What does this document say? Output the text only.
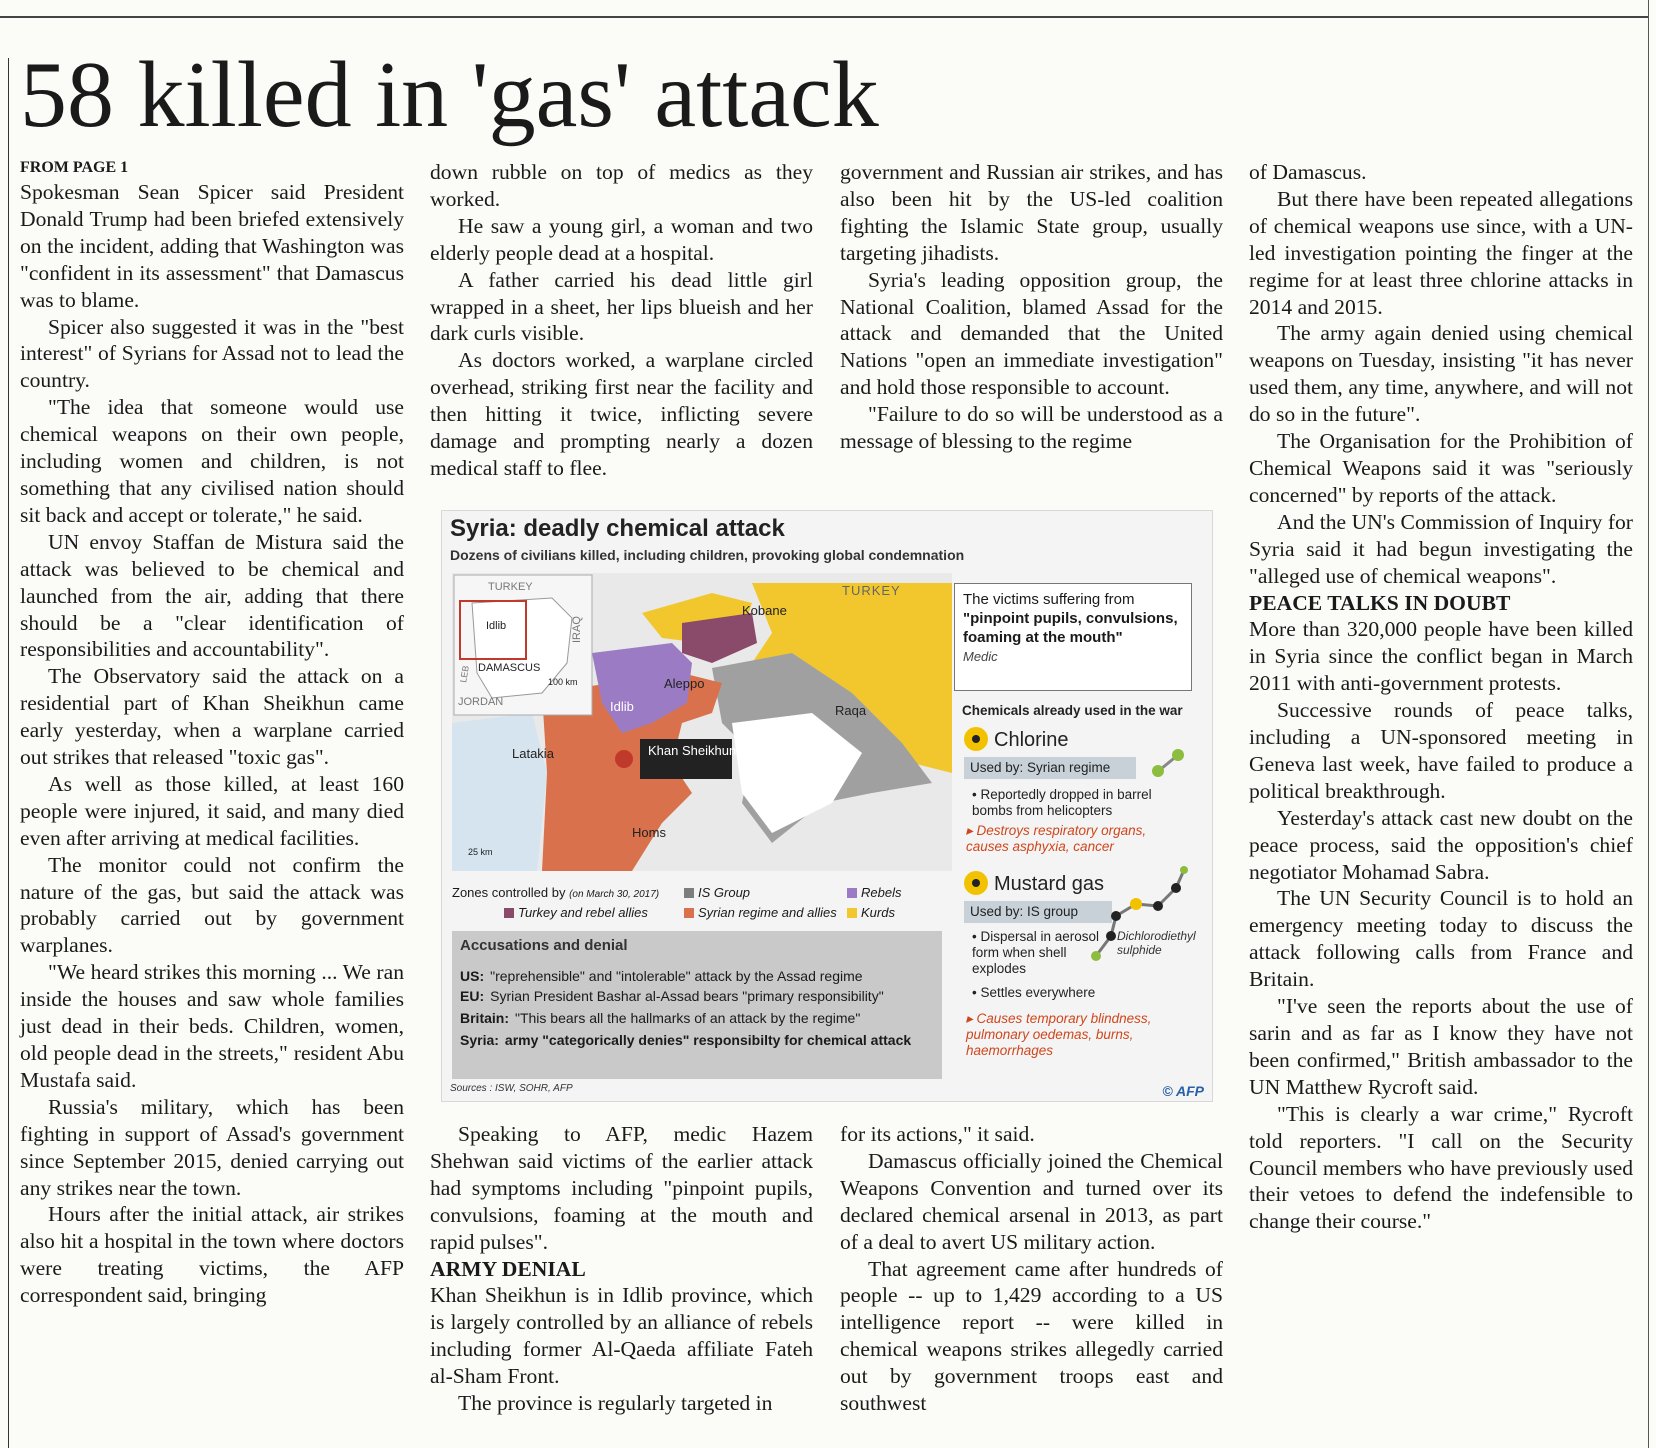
58 killed in 'gas' attack

FROM PAGE 1

Spokesman Sean Spicer said President Donald Trump had been briefed extensively on the incident, adding that Washington was "confident in its assessment" that Damascus was to blame.

Spicer also suggested it was in the "best interest" of Syrians for Assad not to lead the country.

"The idea that someone would use chemical weapons on their own people, including women and children, is not something that any civilised nation should sit back and accept or tolerate," he said.

UN envoy Staffan de Mistura said the attack was believed to be chemical and launched from the air, adding that there should be a "clear identification of responsibilities and accountability".

The Observatory said the attack on a residential part of Khan Sheikhun came early yesterday, when a warplane carried out strikes that released "toxic gas".

As well as those killed, at least 160 people were injured, it said, and many died even after arriving at medical facilities.

The monitor could not confirm the nature of the gas, but said the attack was probably carried out by government warplanes.

"We heard strikes this morning ... We ran inside the houses and saw whole families just dead in their beds. Children, women, old people dead in the streets," resident Abu Mustafa said.

Russia's military, which has been fighting in support of Assad's government since September 2015, denied carrying out any strikes near the town.

Hours after the initial attack, air strikes also hit a hospital in the town where doctors were treating victims, the AFP correspondent said, bringing

down rubble on top of medics as they worked.

He saw a young girl, a woman and two elderly people dead at a hospital.

A father carried his dead little girl wrapped in a sheet, her lips blueish and her dark curls visible.

As doctors worked, a warplane circled overhead, striking first near the facility and then hitting it twice, inflicting severe damage and prompting nearly a dozen medical staff to flee.

government and Russian air strikes, and has also been hit by the US-led coalition fighting the Islamic State group, usually targeting jihadists.

Syria's leading opposition group, the National Coalition, blamed Assad for the attack and demanded that the United Nations "open an immediate investigation" and hold those responsible to account.

"Failure to do so will be understood as a message of blessing to the regime

of Damascus.

But there have been repeated allegations of chemical weapons use since, with a UN-led investigation pointing the finger at the regime for at least three chlorine attacks in 2014 and 2015.

The army again denied using chemical weapons on Tuesday, insisting "it has never used them, any time, anywhere, and will not do so in the future".

The Organisation for the Prohibition of Chemical Weapons said it was "seriously concerned" by reports of the attack.

And the UN's Commission of Inquiry for Syria said it had begun investigating the "alleged use of chemical weapons".

PEACE TALKS IN DOUBT

More than 320,000 people have been killed in Syria since the conflict began in March 2011 with anti-government protests.

Successive rounds of peace talks, including a UN-sponsored meeting in Geneva last week, have failed to produce a political breakthrough.

Yesterday's attack cast new doubt on the peace process, said the opposition's chief negotiator Mohamad Sabra.

The UN Security Council is to hold an emergency meeting today to discuss the attack following calls from France and Britain.

"I've seen the reports about the use of sarin and as far as I know they have not been confirmed," British ambassador to the UN Matthew Rycroft said.

"This is clearly a war crime," Rycroft told reporters. "I call on the Security Council members who have previously used their vetoes to defend the indefensible to change their course."

Speaking to AFP, medic Hazem Shehwan said victims of the earlier attack had symptoms including "pinpoint pupils, convulsions, foaming at the mouth and rapid pulses".

ARMY DENIAL

Khan Sheikhun is in Idlib province, which is largely controlled by an alliance of rebels including former Al-Qaeda affiliate Fateh al-Sham Front.

The province is regularly targeted in

for its actions," it said.

Damascus officially joined the Chemical Weapons Convention and turned over its declared chemical arsenal in 2013, as part of a deal to avert US military action.

That agreement came after hundreds of people -- up to 1,429 according to a US intelligence report -- were killed in chemical weapons strikes allegedly carried out by government troops east and southwest

Syria: deadly chemical attack
Dozens of civilians killed, including children, provoking global condemnation
TURKEY
Idlib	IRAQ
LEB DAMASCUS
100 km
JORDAN
TURKEY
Kobane
Aleppo
Raqa
Idlib
Latakia	Khan Sheikhun
Homs
25 km
Zones controlled by (on March 30, 2017)	IS Group	Rebels
Turkey and rebel allies	Syrian regime and allies	Kurds
Accusations and denial
US: "reprehensible" and "intolerable" attack by the Assad regime
EU: Syrian President Bashar al-Assad bears "primary responsibility"
Britain: "This bears all the hallmarks of an attack by the regime"
Syria: army "categorically denies" responsibilty for chemical attack
Sources : ISW, SOHR, AFP	© AFP
The victims suffering from
"pinpoint pupils, convulsions, foaming at the mouth"
Medic
Chemicals already used in the war
Chlorine
Used by: Syrian regime
• Reportedly dropped in barrel bombs from helicopters
▸ Destroys respiratory organs, causes asphyxia, cancer
Mustard gas
Used by: IS group
Dichlorodiethyl sulphide
• Dispersal in aerosol form when shell explodes
• Settles everywhere
▸ Causes temporary blindness, pulmonary oedemas, burns, haemorrhages
